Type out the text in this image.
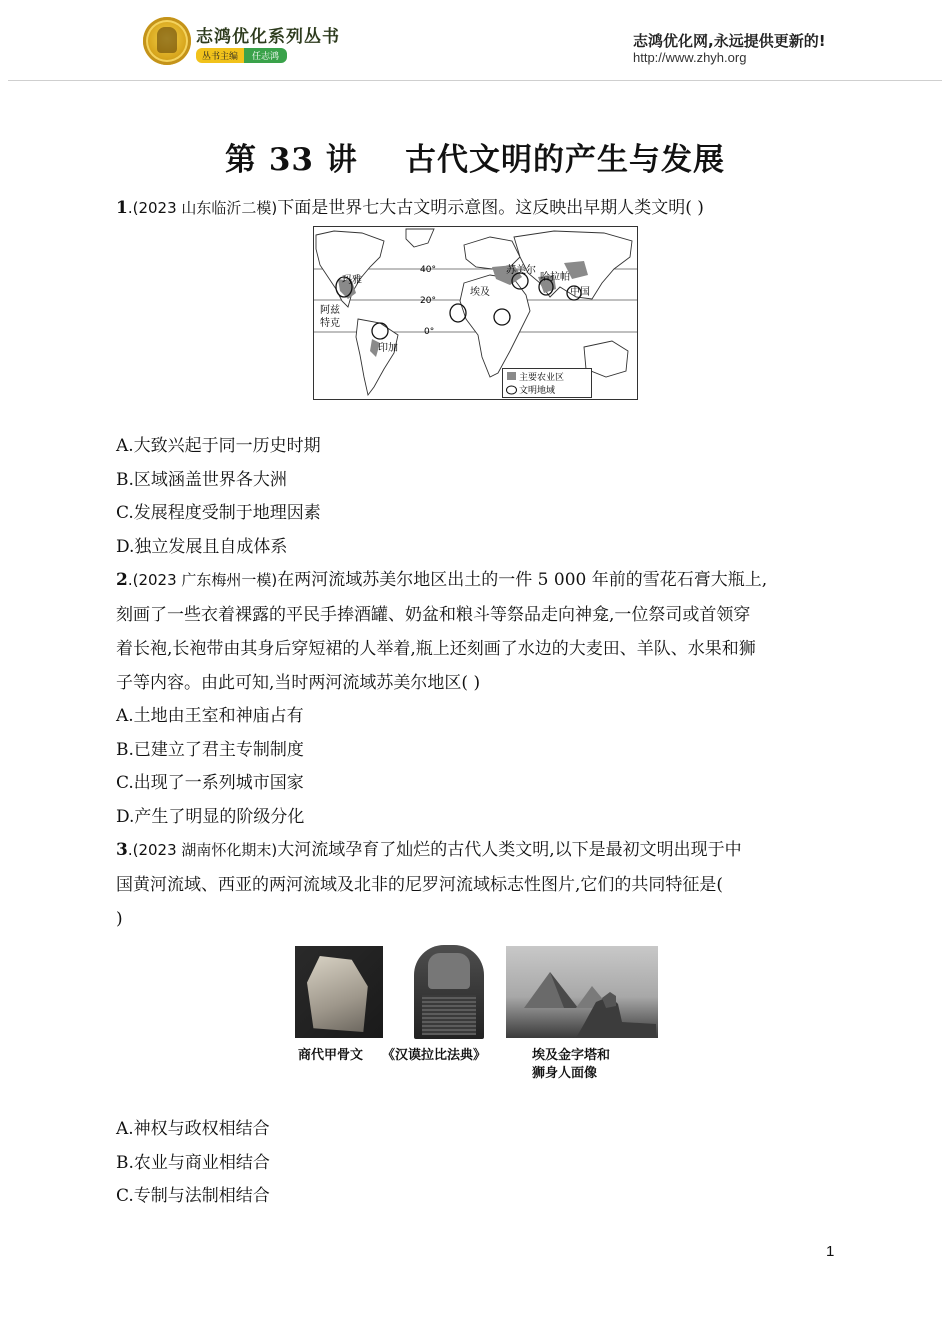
志鸿优化系列丛书
丛书主编 任志鸿
志鸿优化网,永远提供更新的!
http://www.zhyh.org
第 33 讲    古代文明的产生与发展
1.(2023 山东临沂二模)下面是世界七大古文明示意图。这反映出早期人类文明( )
玛雅
阿兹
特克
印加
苏美尔
哈拉帕
埃及	中国
40°
20°
0°
主要农业区
文明地域
A.大致兴起于同一历史时期
B.区域涵盖世界各大洲
C.发展程度受制于地理因素
D.独立发展且自成体系
2.(2023 广东梅州一模)在两河流域苏美尔地区出土的一件 5 000 年前的雪花石膏大瓶上,
刻画了一些衣着裸露的平民手捧酒罐、奶盆和粮斗等祭品走向神龛,一位祭司或首领穿
着长袍,长袍带由其身后穿短裙的人举着,瓶上还刻画了水边的大麦田、羊队、水果和狮
子等内容。由此可知,当时两河流域苏美尔地区( )
A.土地由王室和神庙占有
B.已建立了君主专制制度
C.出现了一系列城市国家
D.产生了明显的阶级分化
3.(2023 湖南怀化期末)大河流域孕育了灿烂的古代人类文明,以下是最初文明出现于中
国黄河流域、西亚的两河流域及北非的尼罗河流域标志性图片,它们的共同特征是(
)
商代甲骨文 《汉谟拉比法典》	埃及金字塔和
狮身人面像
A.神权与政权相结合
B.农业与商业相结合
C.专制与法制相结合
1
